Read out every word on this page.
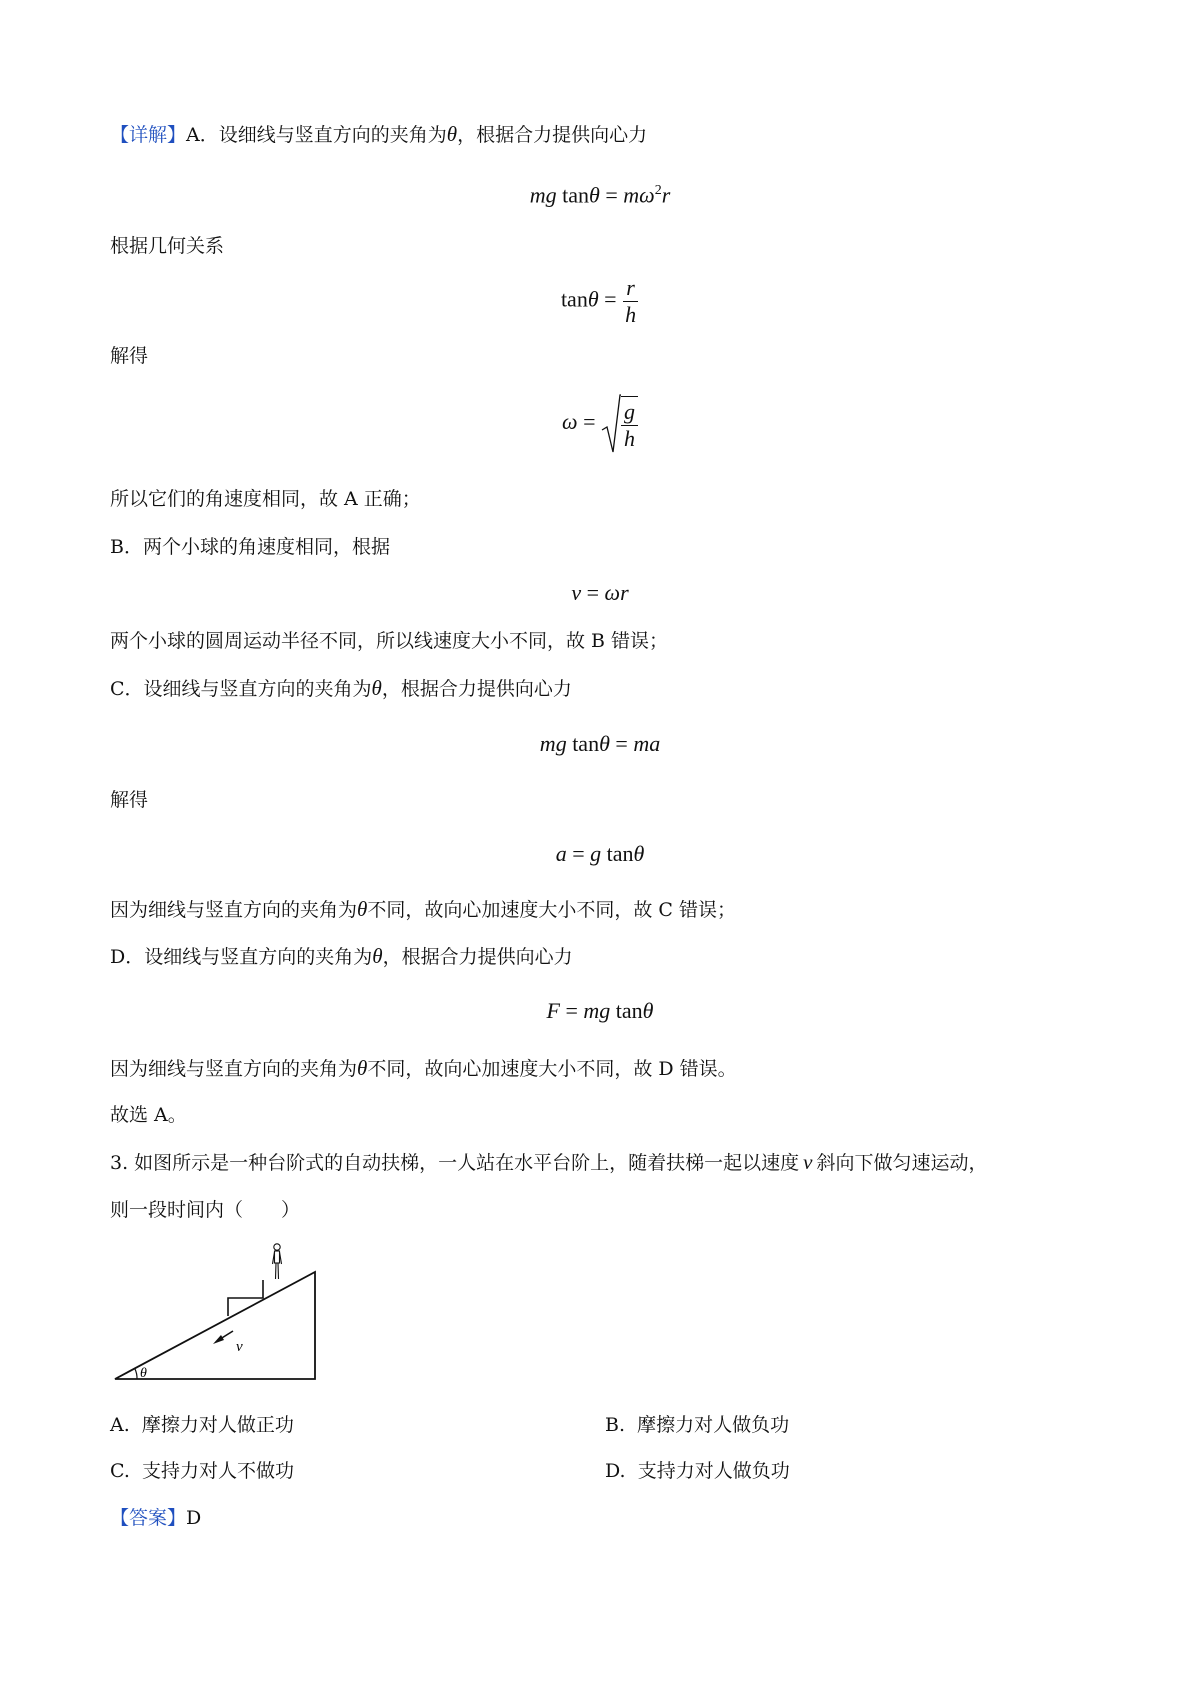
【详解】A．设细线与竖直方向的夹角为θ，根据合力提供向心力
mg $\tan\theta = m\omega^2r$
根据几何关系
$\tan\theta = \frac{r}{h}$
解得
$\omega = \frac{g}{h}$
所以它们的角速度相同，故 A 正确；
B．两个小球的角速度相同，根据
v = ωr
两个小球的圆周运动半径不同，所以线速度大小不同，故 B 错误；
C．设细线与竖直方向的夹角为θ，根据合力提供向心力
mg tanθ = ma
解得
a = g tanθ
因为细线与竖直方向的夹角为θ不同，故向心加速度大小不同，故 C 错误；
D．设细线与竖直方向的夹角为θ，根据合力提供向心力
F = mg tanθ
因为细线与竖直方向的夹角为θ不同，故向心加速度大小不同，故 D 错误。
故选 A。
3. 如图所示是一种台阶式的自动扶梯，一人站在水平台阶上，随着扶梯一起以速度 v 斜向下做匀速运动，
则一段时间内（　　）
v
θ
A. 摩擦力对人做正功	B. 摩擦力对人做负功
C. 支持力对人不做功	D. 支持力对人做负功
【答案】D
